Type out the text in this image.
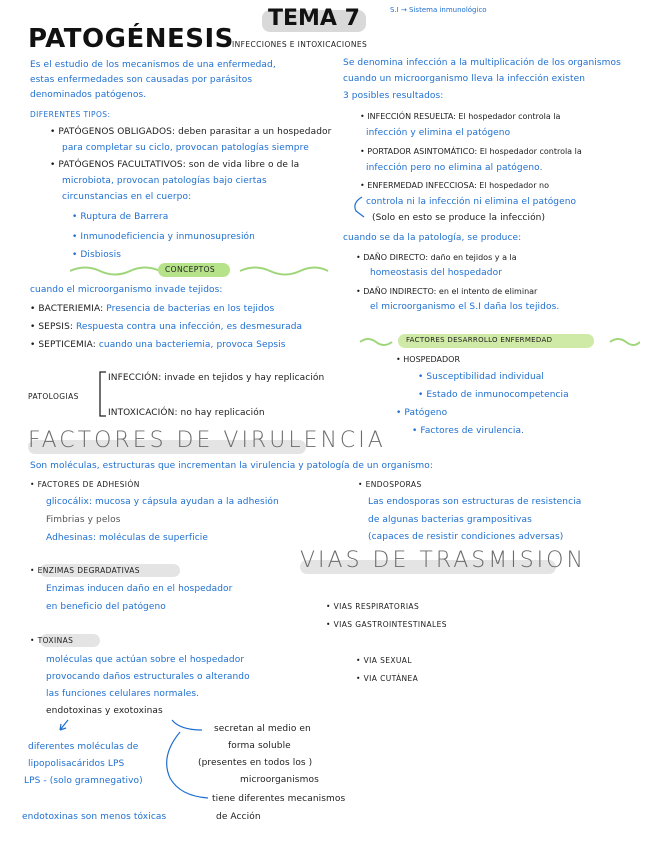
TEMA 7	S.I → Sistema inmunológico
PATOGÉNESIS
INFECCIONES E INTOXICACIONES
Es el estudio de los mecanismos de una enfermedad,
estas enfermedades son causadas por parásitos
denominados patógenos.
DIFERENTES TIPOS:
• PATÓGENOS OBLIGADOS: deben parasitar a un hospedador
para completar su ciclo, provocan patologías siempre
• PATÓGENOS FACULTATIVOS: son de vida libre o de la
microbiota, provocan patologías bajo ciertas
circunstancias en el cuerpo:
• Ruptura de Barrera
• Inmunodeficiencia y inmunosupresión
• Disbiosis
CONCEPTOS
cuando el microorganismo invade tejidos:
• BACTERIEMIA: Presencia de bacterias en los tejidos
• SEPSIS: Respuesta contra una infección, es desmesurada
• SEPTICEMIA: cuando una bacteriemia, provoca Sepsis
PATOLOGIAS
INFECCIÓN: invade en tejidos y hay replicación
INTOXICACIÓN: no hay replicación
Se denomina infección a la multiplicación de los organismos
cuando un microorganismo lleva la infección existen
3 posibles resultados:
• INFECCIÓN RESUELTA: El hospedador controla la
infección y elimina el patógeno
• PORTADOR ASINTOMÁTICO: El hospedador controla la
infección pero no elimina al patógeno.
• ENFERMEDAD INFECCIOSA: El hospedador no
controla ni la infección ni elimina el patógeno
(Solo en esto se produce la infección)
cuando se da la patología, se produce:
• DAÑO DIRECTO: daño en tejidos y a la
homeostasis del hospedador
• DAÑO INDIRECTO: en el intento de eliminar
el microorganismo el S.I daña los tejidos.
FACTORES DESARROLLO ENFERMEDAD
• HOSPEDADOR
• Susceptibilidad individual
• Estado de inmunocompetencia
• Patógeno
• Factores de virulencia.
FACTORES DE VIRULENCIA
Son moléculas, estructuras que incrementan la virulencia y patología de un organismo:
• FACTORES DE ADHESIÓN
glicocálix: mucosa y cápsula ayudan a la adhesión
Fimbrias y pelos
Adhesinas: moléculas de superficie
• ENDOSPORAS
Las endosporas son estructuras de resistencia
de algunas bacterias grampositivas
(capaces de resistir condiciones adversas)
• ENZIMAS DEGRADATIVAS
Enzimas inducen daño en el hospedador
en beneficio del patógeno
• TOXINAS
moléculas que actúan sobre el hospedador
provocando daños estructurales o alterando
las funciones celulares normales.
endotoxinas y exotoxinas
diferentes moléculas de
lipopolisacáridos LPS
LPS - (solo gramnegativo)
secretan al medio en
forma soluble
(presentes en todos los )
microorganismos
tiene diferentes mecanismos
de Acción
endotoxinas son menos tóxicas
VIAS DE TRASMISION
• VIAS RESPIRATORIAS
• VIAS GASTROINTESTINALES
• VIA SEXUAL
• VIA CUTÁNEA
